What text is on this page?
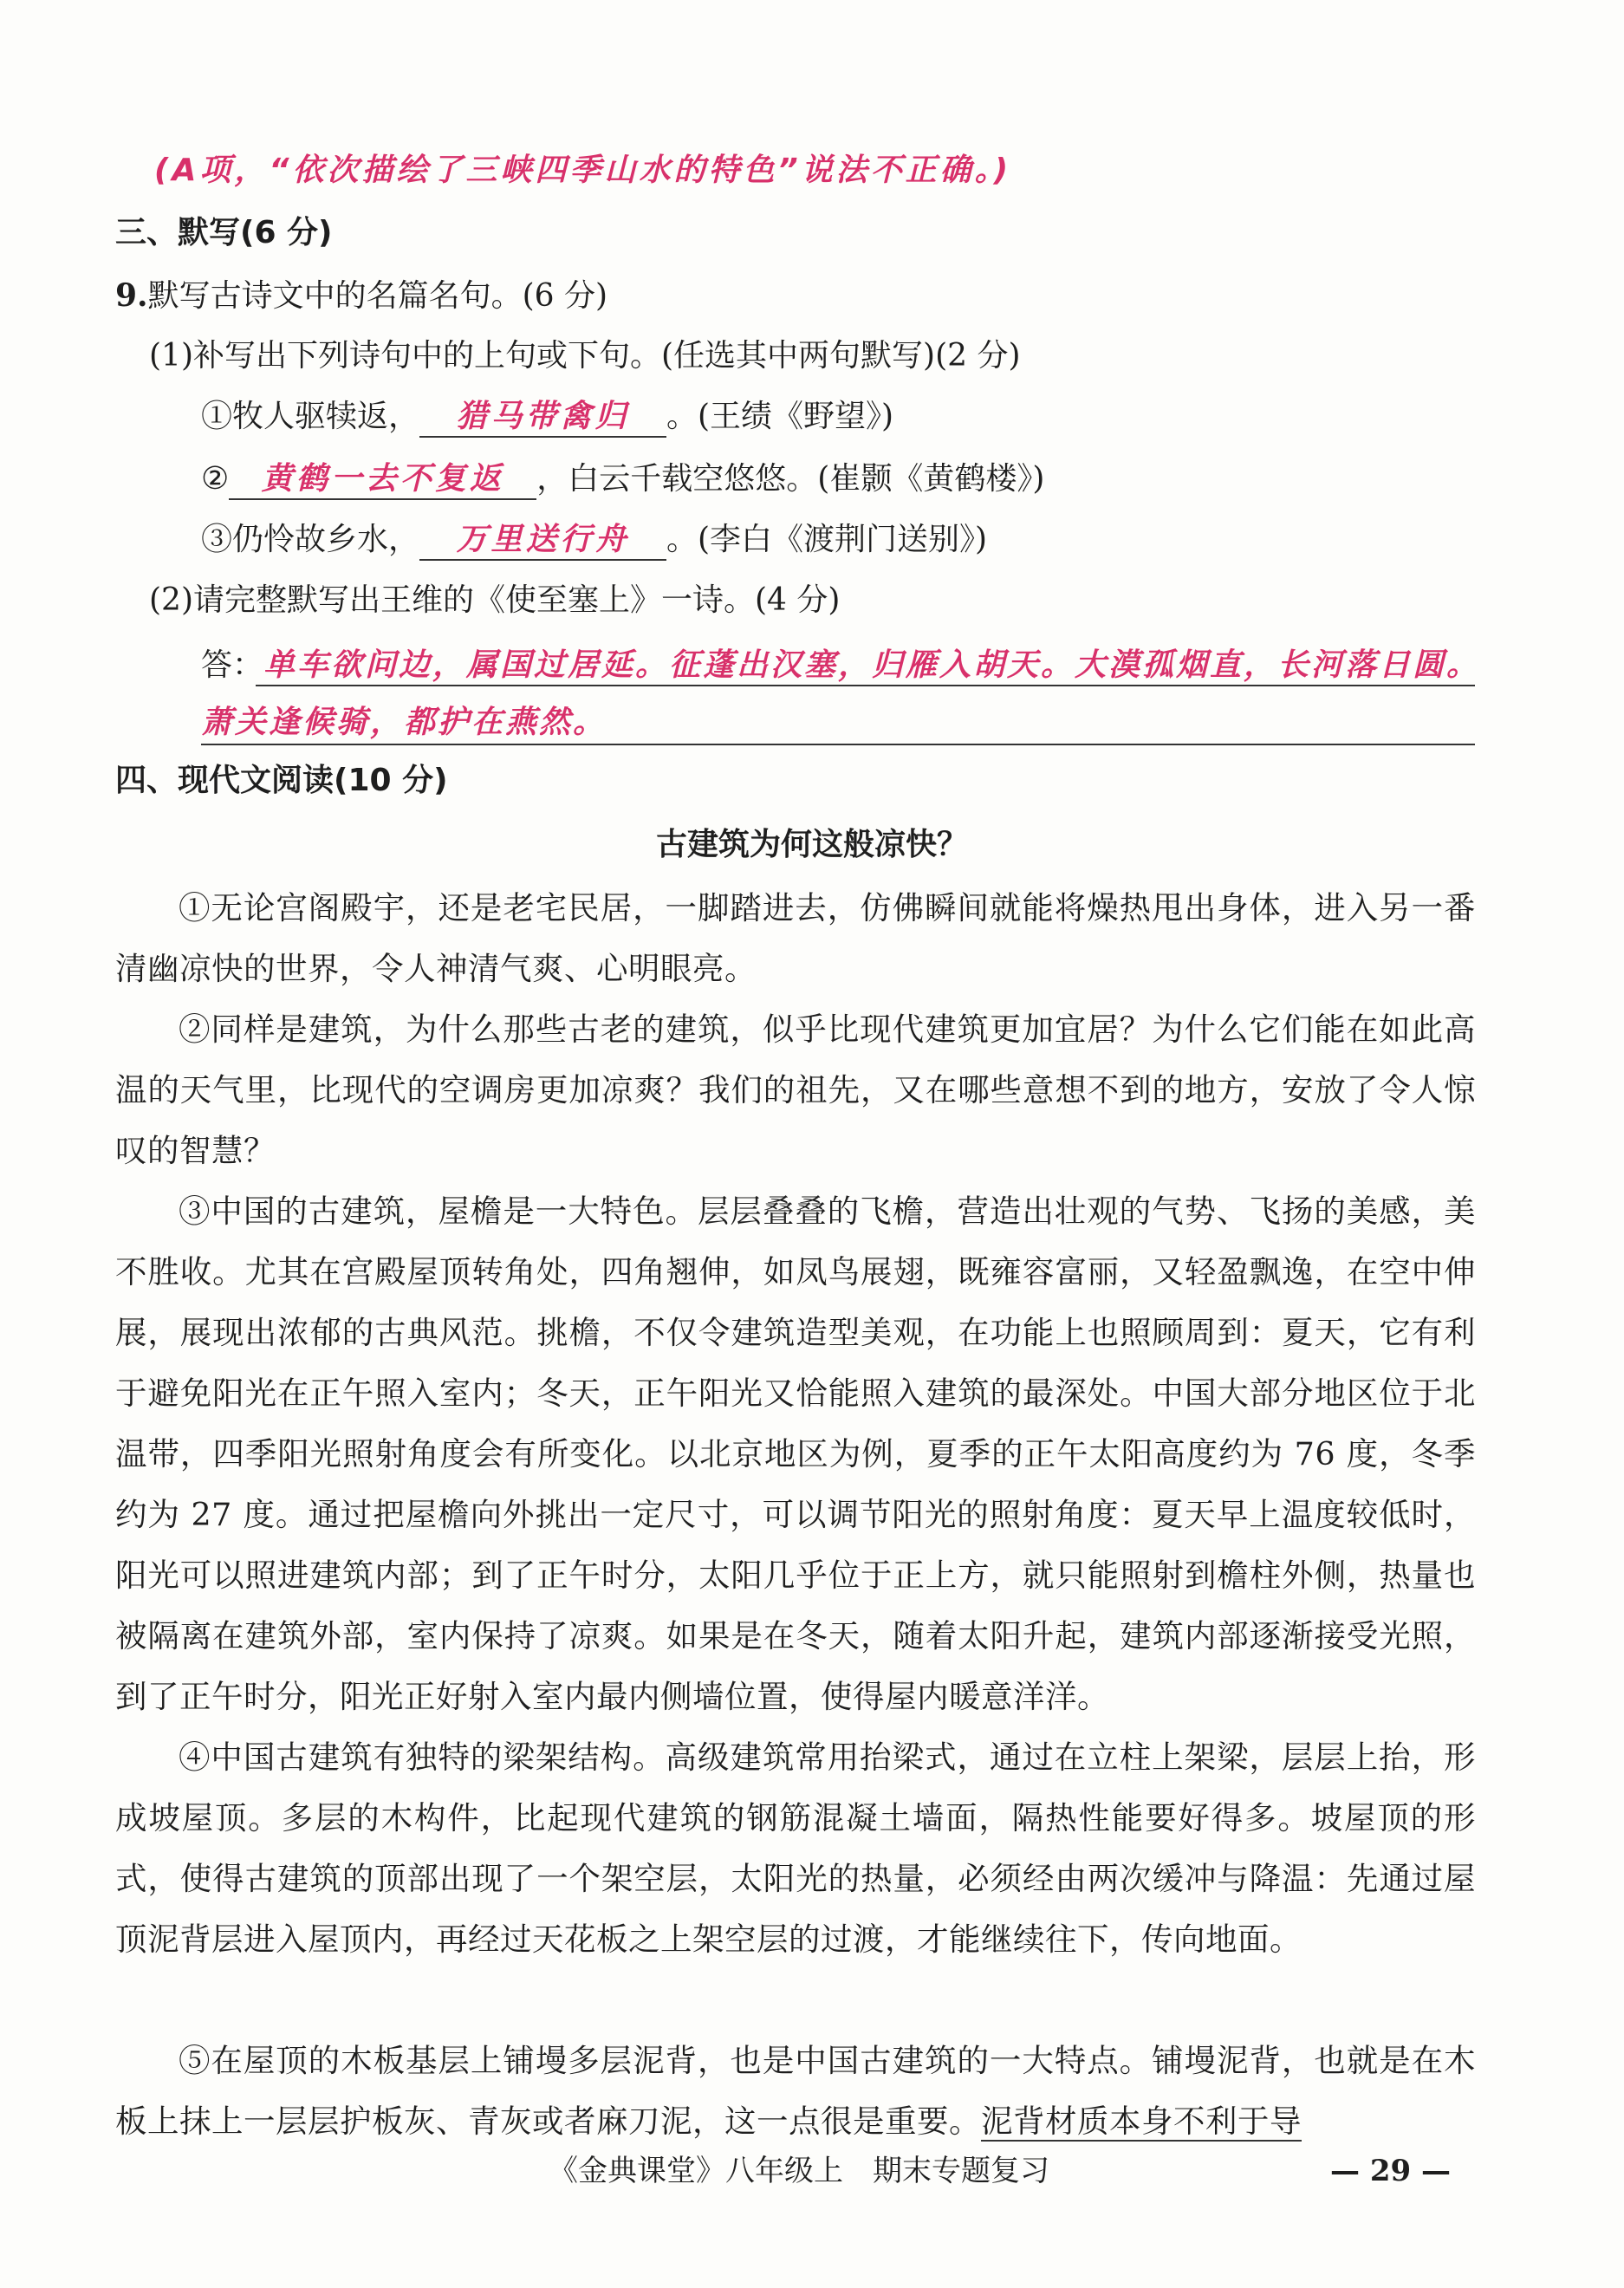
(A项，“依次描绘了三峡四季山水的特色”说法不正确。)
三、默写(6 分)
9.默写古诗文中的名篇名句。(6 分)
(1)补写出下列诗句中的上句或下句。(任选其中两句默写)(2 分)
①牧人驱犊返， 猎马带禽归 。(王绩《野望》)
② 黄鹤一去不复返 ，白云千载空悠悠。(崔颢《黄鹤楼》)
③仍怜故乡水， 万里送行舟 。(李白《渡荆门送别》)
(2)请完整默写出王维的《使至塞上》一诗。(4 分)
答：单车欲问边，属国过居延。征蓬出汉塞，归雁入胡天。大漠孤烟直，长河落日圆。
萧关逢候骑，都护在燕然。
四、现代文阅读(10 分)
古建筑为何这般凉快？
①无论宫阁殿宇，还是老宅民居，一脚踏进去，仿佛瞬间就能将燥热甩出身体，进入另一番清幽凉快的世界，令人神清气爽、心明眼亮。
②同样是建筑，为什么那些古老的建筑，似乎比现代建筑更加宜居？为什么它们能在如此高温的天气里，比现代的空调房更加凉爽？我们的祖先，又在哪些意想不到的地方，安放了令人惊叹的智慧？
③中国的古建筑，屋檐是一大特色。层层叠叠的飞檐，营造出壮观的气势、飞扬的美感，美不胜收。尤其在宫殿屋顶转角处，四角翘伸，如凤鸟展翅，既雍容富丽，又轻盈飘逸，在空中伸展，展现出浓郁的古典风范。挑檐，不仅令建筑造型美观，在功能上也照顾周到：夏天，它有利于避免阳光在正午照入室内；冬天，正午阳光又恰能照入建筑的最深处。中国大部分地区位于北温带，四季阳光照射角度会有所变化。以北京地区为例，夏季的正午太阳高度约为 76 度，冬季约为 27 度。通过把屋檐向外挑出一定尺寸，可以调节阳光的照射角度：夏天早上温度较低时，阳光可以照进建筑内部；到了正午时分，太阳几乎位于正上方，就只能照射到檐柱外侧，热量也被隔离在建筑外部，室内保持了凉爽。如果是在冬天，随着太阳升起，建筑内部逐渐接受光照，到了正午时分，阳光正好射入室内最内侧墙位置，使得屋内暖意洋洋。
④中国古建筑有独特的梁架结构。高级建筑常用抬梁式，通过在立柱上架梁，层层上抬，形成坡屋顶。多层的木构件，比起现代建筑的钢筋混凝土墙面，隔热性能要好得多。坡屋顶的形式，使得古建筑的顶部出现了一个架空层，太阳光的热量，必须经由两次缓冲与降温：先通过屋顶泥背层进入屋顶内，再经过天花板之上架空层的过渡，才能继续往下，传向地面。
⑤在屋顶的木板基层上铺墁多层泥背，也是中国古建筑的一大特点。铺墁泥背，也就是在木板上抹上一层层护板灰、青灰或者麻刀泥，这一点很是重要。泥背材质本身不利于导
《金典课堂》八年级上　期末专题复习	— 29 —
